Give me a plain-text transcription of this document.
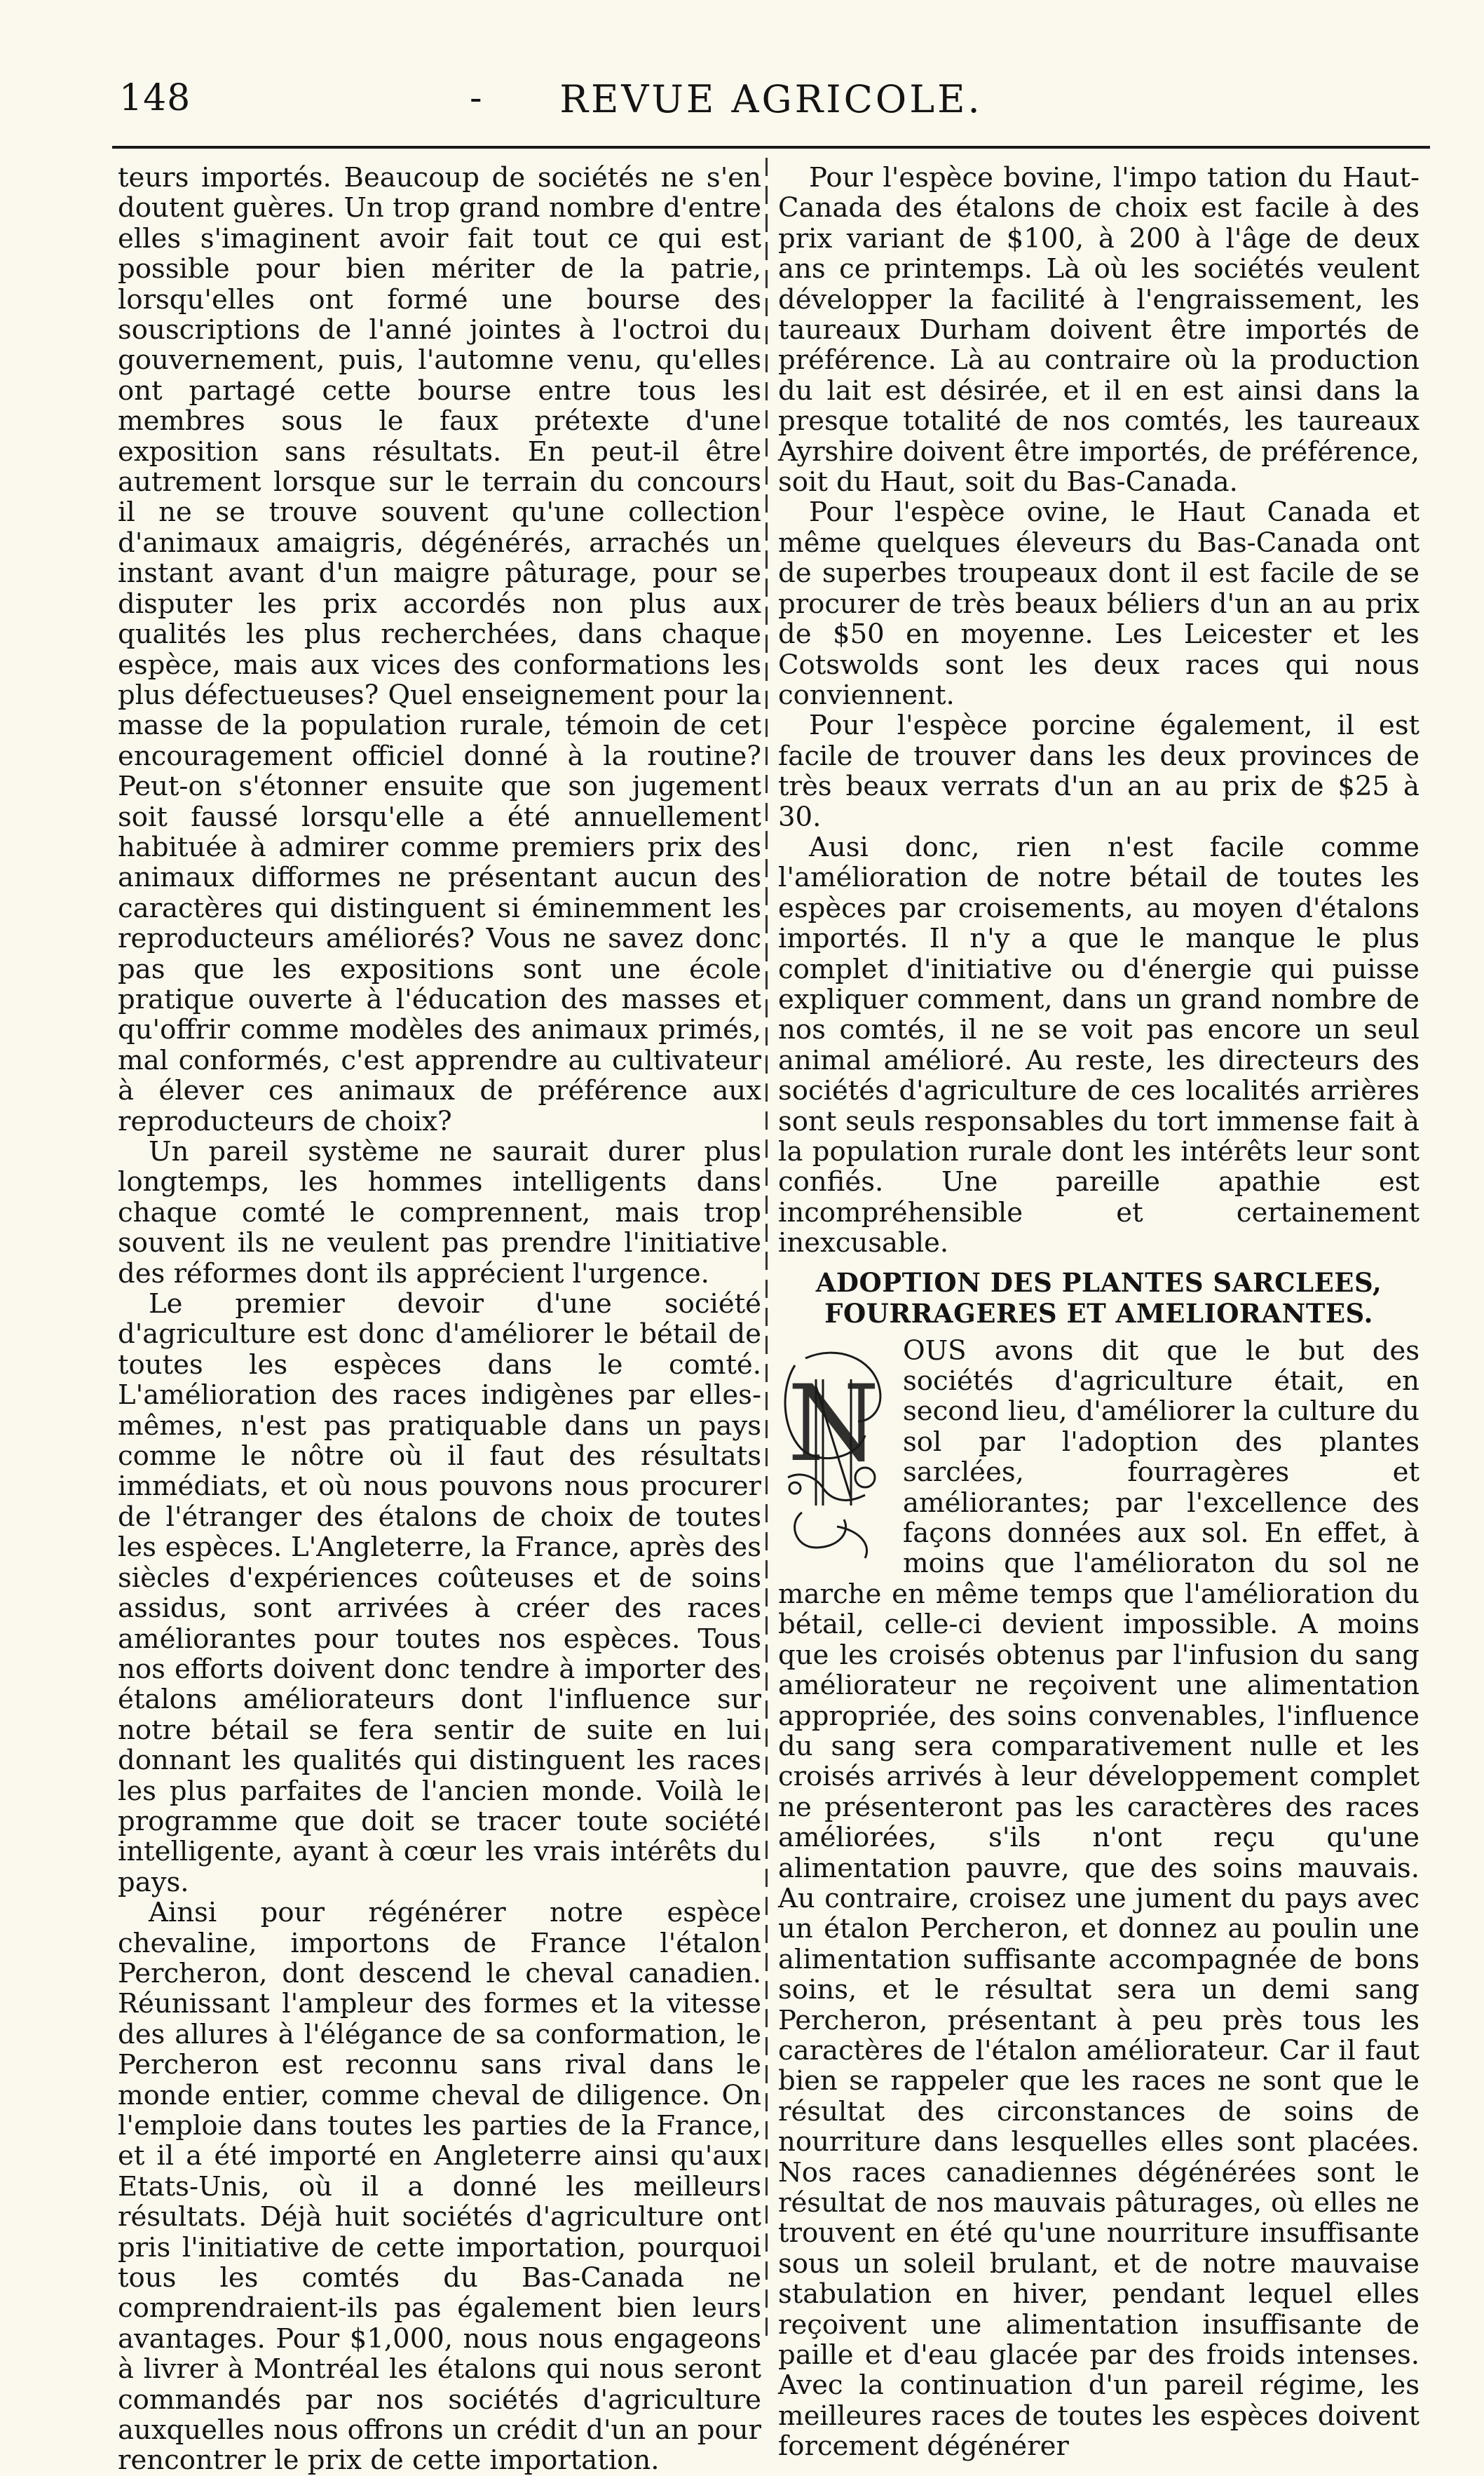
148	-	REVUE AGRICOLE.

teurs importés. Beaucoup de sociétés ne s'en doutent guères. Un trop grand nombre d'entre elles s'imaginent avoir fait tout ce qui est possible pour bien mériter de la patrie, lorsqu'elles ont formé une bourse des souscriptions de l'anné jointes à l'octroi du gouvernement, puis, l'automne venu, qu'elles ont partagé cette bourse entre tous les membres sous le faux prétexte d'une exposition sans résultats. En peut-il être autrement lorsque sur le terrain du concours il ne se trouve souvent qu'une collection d'animaux amaigris, dégénérés, arrachés un instant avant d'un maigre pâturage, pour se disputer les prix accordés non plus aux qualités les plus recherchées, dans chaque espèce, mais aux vices des conformations les plus défectueuses? Quel enseignement pour la masse de la population rurale, témoin de cet encouragement officiel donné à la routine? Peut-on s'étonner ensuite que son jugement soit faussé lorsqu'elle a été annuellement habituée à admirer comme premiers prix des animaux difformes ne présentant aucun des caractères qui distinguent si éminemment les reproducteurs améliorés? Vous ne savez donc pas que les expositions sont une école pratique ouverte à l'éducation des masses et qu'offrir comme modèles des animaux primés, mal conformés, c'est apprendre au cultivateur à élever ces animaux de préférence aux reproducteurs de choix?

Un pareil système ne saurait durer plus longtemps, les hommes intelligents dans chaque comté le comprennent, mais trop souvent ils ne veulent pas prendre l'initiative des réformes dont ils apprécient l'urgence.

Le premier devoir d'une société d'agriculture est donc d'améliorer le bétail de toutes les espèces dans le comté. L'amélioration des races indigènes par elles-mêmes, n'est pas pratiquable dans un pays comme le nôtre où il faut des résultats immédiats, et où nous pouvons nous procurer de l'étranger des étalons de choix de toutes les espèces. L'Angleterre, la France, après des siècles d'expériences coûteuses et de soins assidus, sont arrivées à créer des races améliorantes pour toutes nos espèces. Tous nos efforts doivent donc tendre à importer des étalons améliorateurs dont l'influence sur notre bétail se fera sentir de suite en lui donnant les qualités qui distinguent les races les plus parfaites de l'ancien monde. Voilà le programme que doit se tracer toute société intelligente, ayant à cœur les vrais intérêts du pays.

Ainsi pour régénérer notre espèce chevaline, importons de France l'étalon Percheron, dont descend le cheval canadien. Réunissant l'ampleur des formes et la vitesse des allures à l'élégance de sa conformation, le Percheron est reconnu sans rival dans le monde entier, comme cheval de diligence. On l'emploie dans toutes les parties de la France, et il a été importé en Angleterre ainsi qu'aux Etats-Unis, où il a donné les meilleurs résultats. Déjà huit sociétés d'agriculture ont pris l'initiative de cette importation, pourquoi tous les comtés du Bas-Canada ne comprendraient-ils pas également bien leurs avantages. Pour $1,000, nous nous engageons à livrer à Montréal les étalons qui nous seront commandés par nos sociétés d'agriculture auxquelles nous offrons un crédit d'un an pour rencontrer le prix de cette importation.

Pour l'espèce bovine, l'impo tation du Haut-Canada des étalons de choix est facile à des prix variant de $100, à 200 à l'âge de deux ans ce printemps. Là où les sociétés veulent développer la facilité à l'engraissement, les taureaux Durham doivent être importés de préférence. Là au contraire où la production du lait est désirée, et il en est ainsi dans la presque totalité de nos comtés, les taureaux Ayrshire doivent être importés, de préférence, soit du Haut, soit du Bas-Canada.

Pour l'espèce ovine, le Haut Canada et même quelques éleveurs du Bas-Canada ont de superbes troupeaux dont il est facile de se procurer de très beaux béliers d'un an au prix de $50 en moyenne. Les Leicester et les Cotswolds sont les deux races qui nous conviennent.

Pour l'espèce porcine également, il est facile de trouver dans les deux provinces de très beaux verrats d'un an au prix de $25 à 30.

Ausi donc, rien n'est facile comme l'amélioration de notre bétail de toutes les espèces par croisements, au moyen d'étalons importés. Il n'y a que le manque le plus complet d'initiative ou d'énergie qui puisse expliquer comment, dans un grand nombre de nos comtés, il ne se voit pas encore un seul animal amélioré. Au reste, les directeurs des sociétés d'agriculture de ces localités arrières sont seuls responsables du tort immense fait à la population rurale dont les intérêts leur sont confiés. Une pareille apathie est incompréhensible et certainement inexcusable.

ADOPTION DES PLANTES SARCLEES, FOURRAGERES ET AMELIORANTES.
N

OUS avons dit que le but des sociétés d'agriculture était, en second lieu, d'améliorer la culture du sol par l'adoption des plantes sarclées, fourragères et améliorantes; par l'excellence des façons données aux sol. En effet, à moins que l'amélioraton du sol ne marche en même temps que l'amélioration du bétail, celle-ci devient impossible. A moins que les croisés obtenus par l'infusion du sang améliorateur ne reçoivent une alimentation appropriée, des soins convenables, l'influence du sang sera comparativement nulle et les croisés arrivés à leur développement complet ne présenteront pas les caractères des races améliorées, s'ils n'ont reçu qu'une alimentation pauvre, que des soins mauvais. Au contraire, croisez une jument du pays avec un étalon Percheron, et donnez au poulin une alimentation suffisante accompagnée de bons soins, et le résultat sera un demi sang Percheron, présentant à peu près tous les caractères de l'étalon améliorateur. Car il faut bien se rappeler que les races ne sont que le résultat des circonstances de soins de nourriture dans lesquelles elles sont placées. Nos races canadiennes dégénérées sont le résultat de nos mauvais pâturages, où elles ne trouvent en été qu'une nourriture insuffisante sous un soleil brulant, et de notre mauvaise stabulation en hiver, pendant lequel elles reçoivent une alimentation insuffisante de paille et d'eau glacée par des froids intenses. Avec la continuation d'un pareil régime, les meilleures races de toutes les espèces doivent forcement dégénérer
